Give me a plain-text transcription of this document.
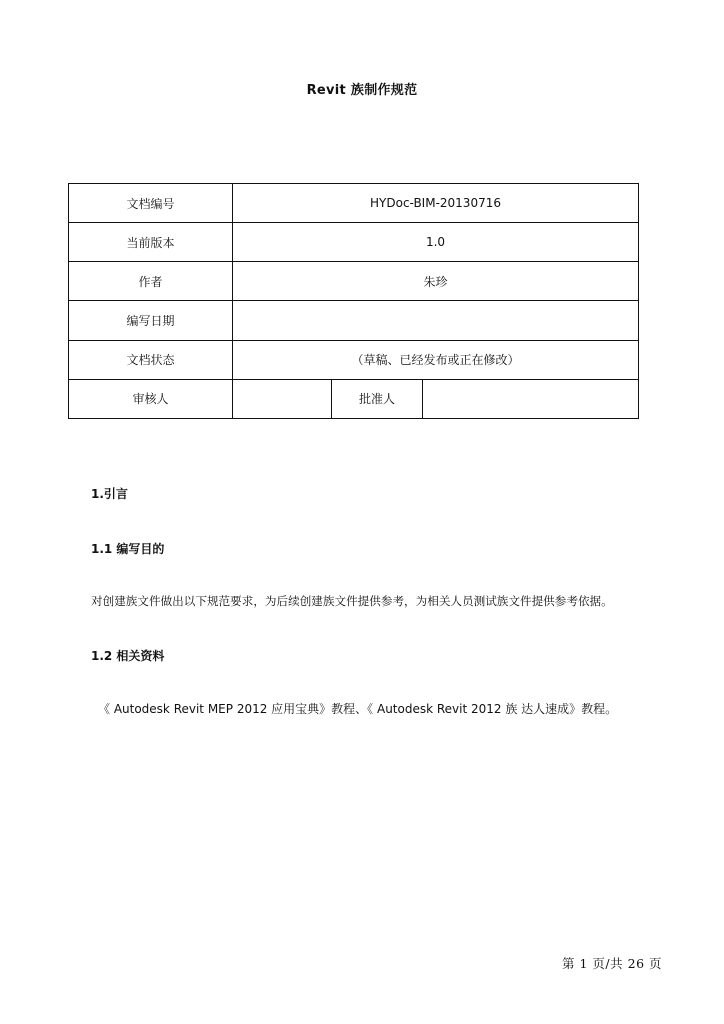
Revit 族制作规范
文档编号	HYDoc-BIM-20130716		
当前版本	1.0		
作者	朱珍		
编写日期			
文档状态	（草稿、已经发布或正在修改）		
审核人		批准人	
1.引言
1.1 编写目的
对创建族文件做出以下规范要求，为后续创建族文件提供参考，为相关人员测试族文件提供参考依据。
1.2 相关资料
《 Autodesk Revit MEP 2012 应用宝典》教程、《 Autodesk Revit 2012 族 达人速成》教程。
第 1 页/共 26 页
